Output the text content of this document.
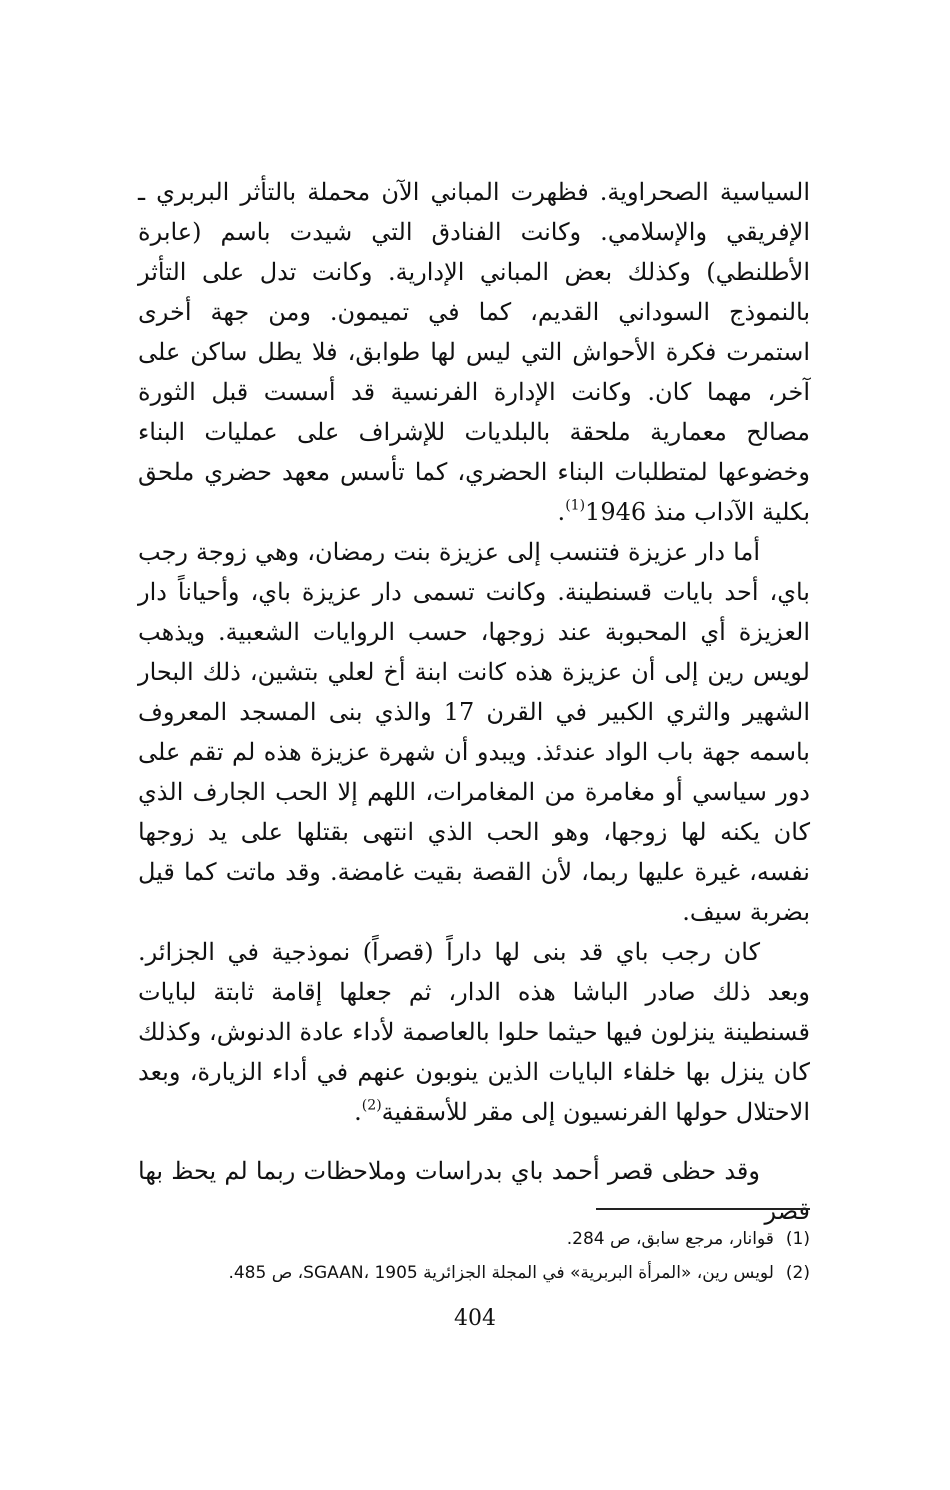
السياسية الصحراوية. فظهرت المباني الآن محملة بالتأثر البربري ـ الإفريقي والإسلامي. وكانت الفنادق التي شيدت باسم (عابرة الأطلنطي) وكذلك بعض المباني الإدارية. وكانت تدل على التأثر بالنموذج السوداني القديم، كما في تميمون. ومن جهة أخرى استمرت فكرة الأحواش التي ليس لها طوابق، فلا يطل ساكن على آخر، مهما كان. وكانت الإدارة الفرنسية قد أسست قبل الثورة مصالح معمارية ملحقة بالبلديات للإشراف على عمليات البناء وخضوعها لمتطلبات البناء الحضري، كما تأسس معهد حضري ملحق بكلية الآداب منذ 1946$^{(1)}$.

أما دار عزيزة فتنسب إلى عزيزة بنت رمضان، وهي زوجة رجب باي، أحد بايات قسنطينة. وكانت تسمى دار عزيزة باي، وأحياناً دار العزيزة أي المحبوبة عند زوجها، حسب الروايات الشعبية. ويذهب لويس رين إلى أن عزيزة هذه كانت ابنة أخ لعلي بتشين، ذلك البحار الشهير والثري الكبير في القرن 17 والذي بنى المسجد المعروف باسمه جهة باب الواد عندئذ. ويبدو أن شهرة عزيزة هذه لم تقم على دور سياسي أو مغامرة من المغامرات، اللهم إلا الحب الجارف الذي كان يكنه لها زوجها، وهو الحب الذي انتهى بقتلها على يد زوجها نفسه، غيرة عليها ربما، لأن القصة بقيت غامضة. وقد ماتت كما قيل بضربة سيف.

كان رجب باي قد بنى لها داراً (قصراً) نموذجية في الجزائر. وبعد ذلك صادر الباشا هذه الدار، ثم جعلها إقامة ثابتة لبايات قسنطينة ينزلون فيها حيثما حلوا بالعاصمة لأداء عادة الدنوش، وكذلك كان ينزل بها خلفاء البايات الذين ينوبون عنهم في أداء الزيارة، وبعد الاحتلال حولها الفرنسيون إلى مقر للأسقفية$^{(2)}$.

وقد حظى قصر أحمد باي بدراسات وملاحظات ربما لم يحظ بها قصر

(1)قوانار، مرجع سابق، ص 284.

(2)لويس رين، «المرأة البربرية» في المجلة الجزائرية SGAAN، 1905، ص 485.

404
